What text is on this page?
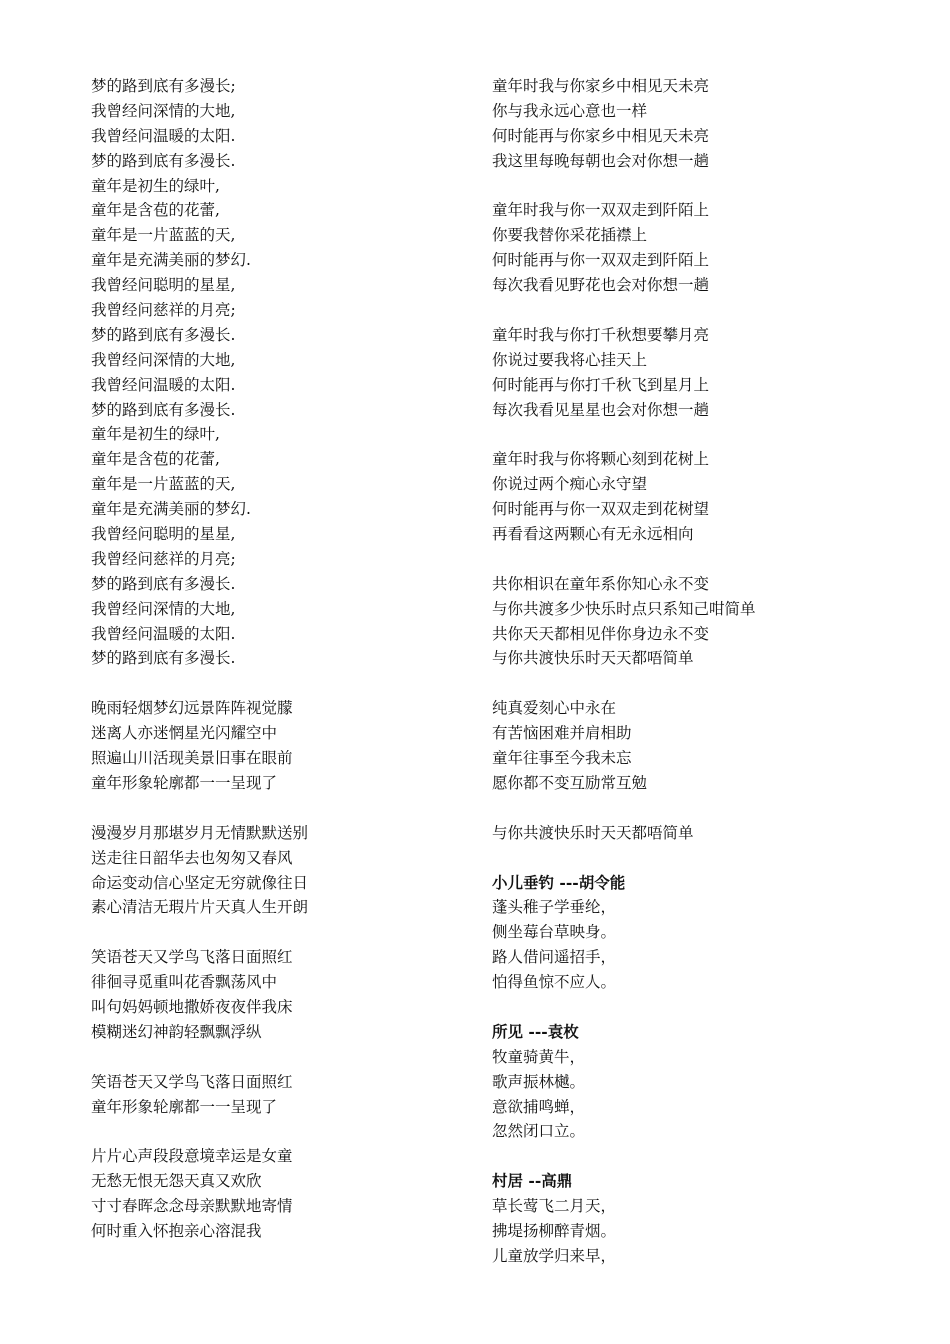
梦的路到底有多漫长;
我曾经问深情的大地,
我曾经问温暖的太阳.
梦的路到底有多漫长.
童年是初生的绿叶,
童年是含苞的花蕾,
童年是一片蓝蓝的天,
童年是充满美丽的梦幻.
我曾经问聪明的星星,
我曾经问慈祥的月亮;
梦的路到底有多漫长.
我曾经问深情的大地,
我曾经问温暖的太阳.
梦的路到底有多漫长.
童年是初生的绿叶,
童年是含苞的花蕾,
童年是一片蓝蓝的天,
童年是充满美丽的梦幻.
我曾经问聪明的星星,
我曾经问慈祥的月亮;
梦的路到底有多漫长.
我曾经问深情的大地,
我曾经问温暖的太阳.
梦的路到底有多漫长.
晚雨轻烟梦幻远景阵阵视觉朦
迷离人亦迷惘星光闪耀空中
照遍山川活现美景旧事在眼前
童年形象轮廓都一一呈现了
漫漫岁月那堪岁月无情默默送别
送走往日韶华去也匆匆又春风
命运变动信心坚定无穷就像往日
素心清洁无瑕片片天真人生开朗
笑语苍天又学鸟飞落日面照红
徘徊寻觅重叫花香飘荡风中
叫句妈妈顿地撒娇夜夜伴我床
模糊迷幻神韵轻飘飘浮纵
笑语苍天又学鸟飞落日面照红
童年形象轮廓都一一呈现了
片片心声段段意境幸运是女童
无愁无恨无怨天真又欢欣
寸寸春晖念念母亲默默地寄情
何时重入怀抱亲心溶混我
童年时我与你家乡中相见天未亮
你与我永远心意也一样
何时能再与你家乡中相见天未亮
我这里每晚每朝也会对你想一趟
童年时我与你一双双走到阡陌上
你要我替你采花插襟上
何时能再与你一双双走到阡陌上
每次我看见野花也会对你想一趟
童年时我与你打千秋想要攀月亮
你说过要我将心挂天上
何时能再与你打千秋飞到星月上
每次我看见星星也会对你想一趟
童年时我与你将颗心刻到花树上
你说过两个痴心永守望
何时能再与你一双双走到花树望
再看看这两颗心有无永远相向
共你相识在童年系你知心永不变
与你共渡多少快乐时点只系知己咁简单
共你天天都相见伴你身边永不变
与你共渡快乐时天天都唔简单
纯真爱刻心中永在
有苦恼困难并肩相助
童年往事至今我未忘
愿你都不变互励常互勉
与你共渡快乐时天天都唔简单
小儿垂钓 ---胡令能
蓬头稚子学垂纶，
侧坐莓台草映身。
路人借问遥招手，
怕得鱼惊不应人。
所见 ---袁枚
牧童骑黄牛，
歌声振林樾。
意欲捕鸣蝉，
忽然闭口立。
村居 --高鼎
草长莺飞二月天，
拂堤扬柳醉青烟。
儿童放学归来早，
